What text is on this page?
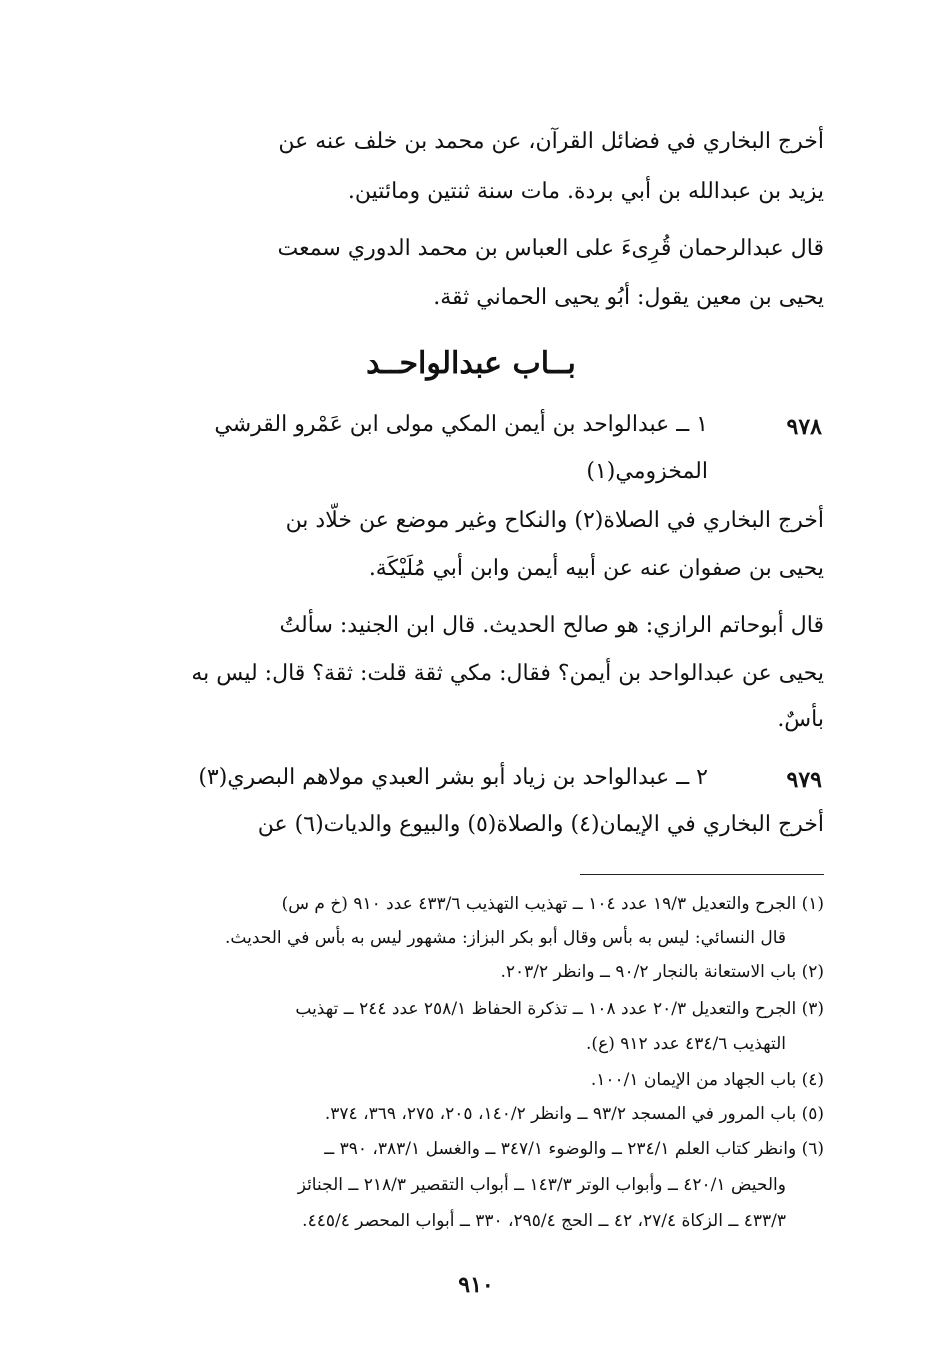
أخرج البخاري في فضائل القرآن، عن محمد بن خلف عنه عن
يزيد بن عبدالله بن أبي بردة. مات سنة ثنتين ومائتين.
قال عبدالرحمان قُرِىءَ على العباس بن محمد الدوري سمعت
يحيى بن معين يقول: أبُو يحيى الحماني ثقة.
بــاب عبدالواحــد
٩٧٨
١ ــ عبدالواحد بن أيمن المكي مولى ابن عَمْرو القرشي
المخزومي(١)
أخرج البخاري في الصلاة(٢) والنكاح وغير موضع عن خلّاد بن
يحيى بن صفوان عنه عن أبيه أيمن وابن أبي مُلَيْكَة.
قال أبوحاتم الرازي: هو صالح الحديث. قال ابن الجنيد: سألتُ
يحيى عن عبدالواحد بن أيمن؟ فقال: مكي ثقة قلت: ثقة؟ قال: ليس به
بأسٌ.
٩٧٩
٢ ــ عبدالواحد بن زياد أبو بشر العبدي مولاهم البصري(٣)
أخرج البخاري في الإيمان(٤) والصلاة(٥) والبيوع والديات(٦) عن
(١) الجرح والتعديل ١٩/٣ عدد ١٠٤ ــ تهذيب التهذيب ٤٣٣/٦ عدد ٩١٠ (خ م س)
قال النسائي: ليس به بأس وقال أبو بكر البزاز: مشهور ليس به بأس في الحديث.
(٢) باب الاستعانة بالنجار ٩٠/٢ ــ وانظر ٢٠٣/٢.
(٣) الجرح والتعديل ٢٠/٣ عدد ١٠٨ ــ تذكرة الحفاظ ٢٥٨/١ عدد ٢٤٤ ــ تهذيب
التهذيب ٤٣٤/٦ عدد ٩١٢ (ع).
(٤) باب الجهاد من الإيمان ١٠٠/١.
(٥) باب المرور في المسجد ٩٣/٢ ــ وانظر ١٤٠/٢، ٢٠٥، ٢٧٥، ٣٦٩، ٣٧٤.
(٦) وانظر كتاب العلم ٢٣٤/١ ــ والوضوء ٣٤٧/١ ــ والغسل ٣٨٣/١، ٣٩٠ ــ
والحيض ٤٢٠/١ ــ وأبواب الوتر ١٤٣/٣ ــ أبواب التقصير ٢١٨/٣ ــ الجنائز
٤٣٣/٣ ــ الزكاة ٢٧/٤، ٤٢ ــ الحج ٢٩٥/٤، ٣٣٠ ــ أبواب المحصر ٤٤٥/٤.
٩١٠
